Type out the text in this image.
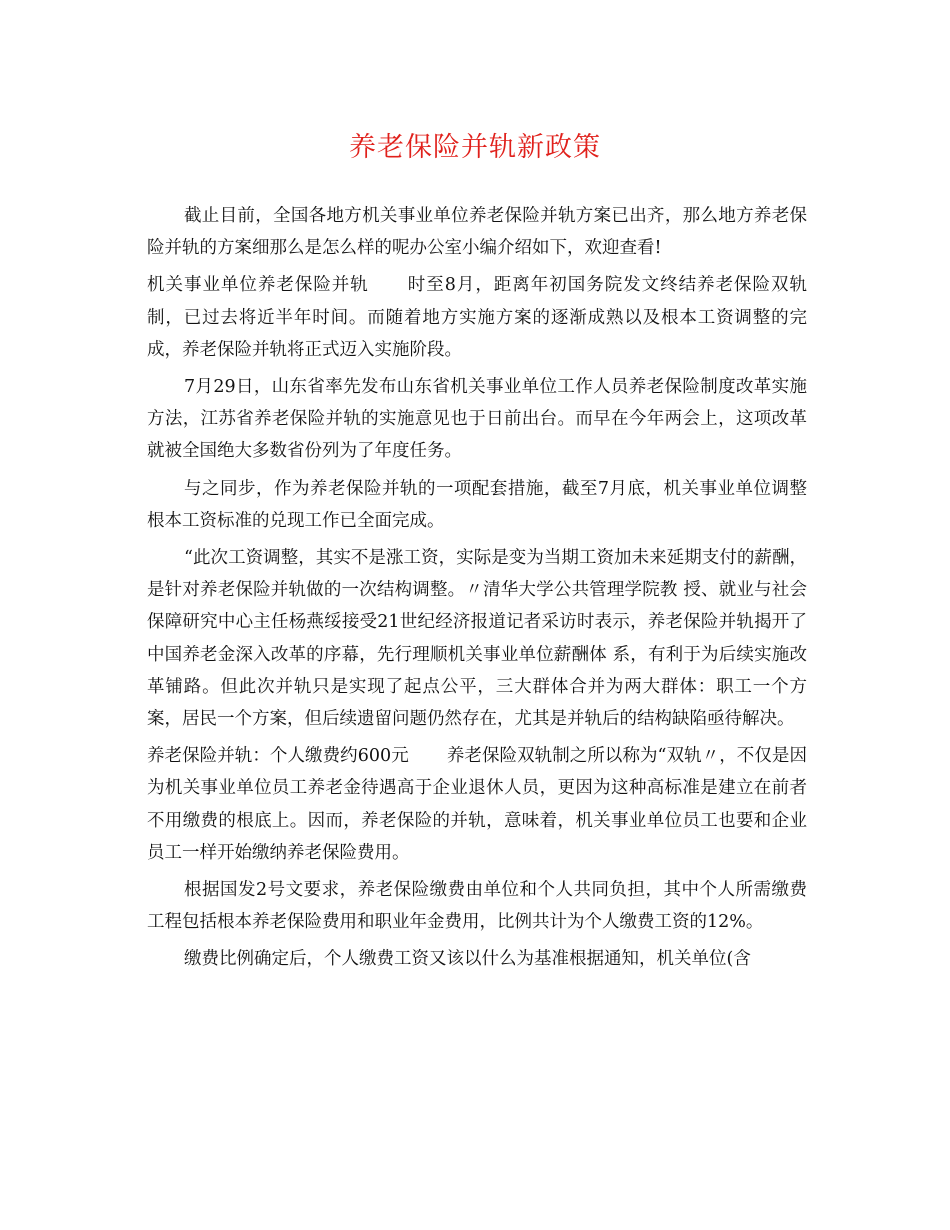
养老保险并轨新政策

截止目前，全国各地方机关事业单位养老保险并轨方案已出齐，那么地方养老保险并轨的方案细那么是怎么样的呢办公室小编介绍如下，欢迎查看!

机关事业单位养老保险并轨 时至8月，距离年初国务院发文终结养老保险双轨制，已过去将近半年时间。而随着地方实施方案的逐渐成熟以及根本工资调整的完成，养老保险并轨将正式迈入实施阶段。

7月29日，山东省率先发布山东省机关事业单位工作人员养老保险制度改革实施方法，江苏省养老保险并轨的实施意见也于日前出台。而早在今年两会上，这项改革就被全国绝大多数省份列为了年度任务。

与之同步，作为养老保险并轨的一项配套措施，截至7月底，机关事业单位调整根本工资标准的兑现工作已全面完成。

“此次工资调整，其实不是涨工资，实际是变为当期工资加未来延期支付的薪酬，是针对养老保险并轨做的一次结构调整。〃清华大学公共管理学院教 授、就业与社会保障研究中心主任杨燕绥接受21世纪经济报道记者采访时表示，养老保险并轨揭开了中国养老金深入改革的序幕，先行理顺机关事业单位薪酬体 系，有利于为后续实施改革铺路。但此次并轨只是实现了起点公平，三大群体合并为两大群体：职工一个方案，居民一个方案，但后续遗留问题仍然存在，尤其是并轨后的结构缺陷亟待解决。

养老保险并轨：个人缴费约600元 养老保险双轨制之所以称为“双轨〃，不仅是因为机关事业单位员工养老金待遇高于企业退休人员，更因为这种高标准是建立在前者不用缴费的根底上。因而，养老保险的并轨，意味着，机关事业单位员工也要和企业员工一样开始缴纳养老保险费用。

根据国发2号文要求，养老保险缴费由单位和个人共同负担，其中个人所需缴费工程包括根本养老保险费用和职业年金费用，比例共计为个人缴费工资的12%。

缴费比例确定后，个人缴费工资又该以什么为基准根据通知，机关单位(含
